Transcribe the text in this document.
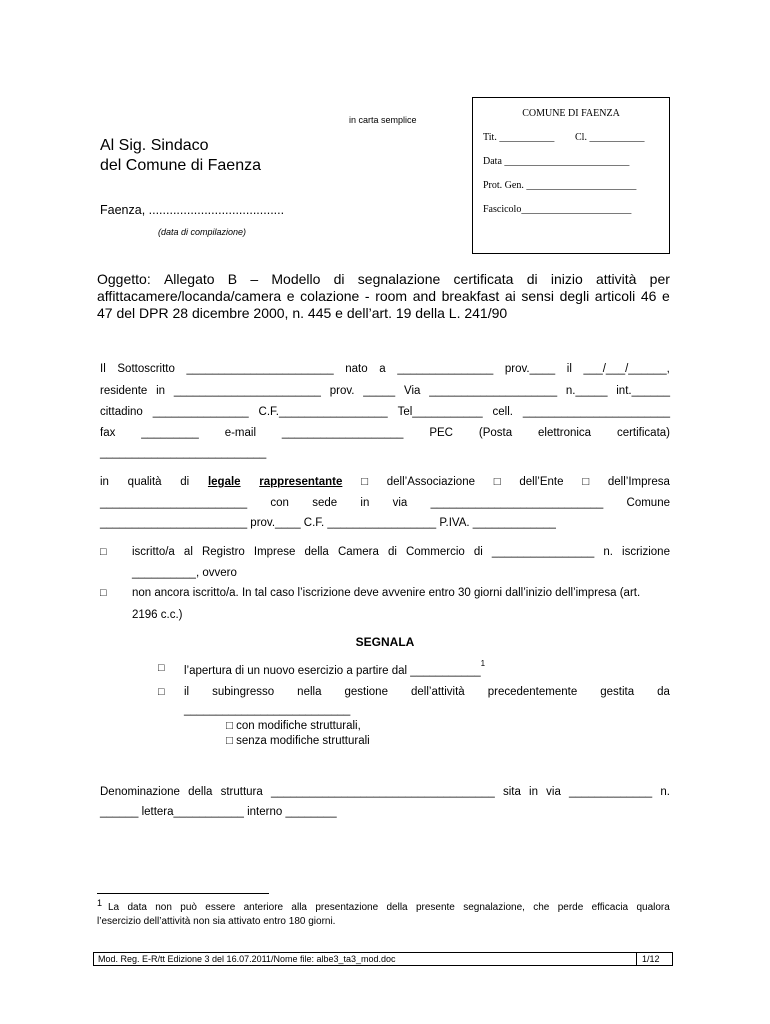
in carta semplice
Al Sig. Sindaco
del Comune di Faenza
Faenza, .......................................
(data di compilazione)
COMUNE DI FAENZA
Tit. ___________ Cl. ___________
Data _________________________
Prot. Gen. ______________________
Fascicolo______________________
Oggetto: Allegato B – Modello di segnalazione certificata di inizio attività per
affittacamere/locanda/camera e colazione - room and breakfast ai sensi degli articoli 46 e
47 del DPR 28 dicembre 2000, n. 445 e dell’art. 19 della L. 241/90
Il Sottoscritto _______________________ nato a _______________ prov.____ il ___/___/______,
residente in _______________________ prov. _____ Via ____________________ n._____ int.______
cittadino _______________ C.F._________________ Tel___________ cell. _______________________
fax _________ e-mail ___________________ PEC (Posta elettronica certificata)
__________________________
in qualità di legale rappresentante □ dell’Associazione □ dell’Ente □ dell’Impresa
_______________________ con sede in via ___________________________ Comune
_______________________ prov.____ C.F. _________________ P.IVA. _____________
□ iscritto/a al Registro Imprese della Camera di Commercio di ________________ n. iscrizione
__________, ovvero
□ non ancora iscritto/a. In tal caso l’iscrizione deve avvenire entro 30 giorni dall’inizio dell’impresa (art.
2196 c.c.)
SEGNALA
□ l’apertura di un nuovo esercizio a partire dal ___________$^1$
□ il subingresso nella gestione dell’attività precedentemente gestita da
__________________________
□ con modifiche strutturali,
□ senza modifiche strutturali
Denominazione della struttura ___________________________________ sita in via _____________ n.
______ lettera___________ interno ________
1 La data non può essere anteriore alla presentazione della presente segnalazione, che perde efficacia qualora
l’esercizio dell’attività non sia attivato entro 180 giorni.
Mod. Reg. E-R/tt Edizione 3 del 16.07.2011/Nome file: albe3_ta3_mod.doc	1/12
